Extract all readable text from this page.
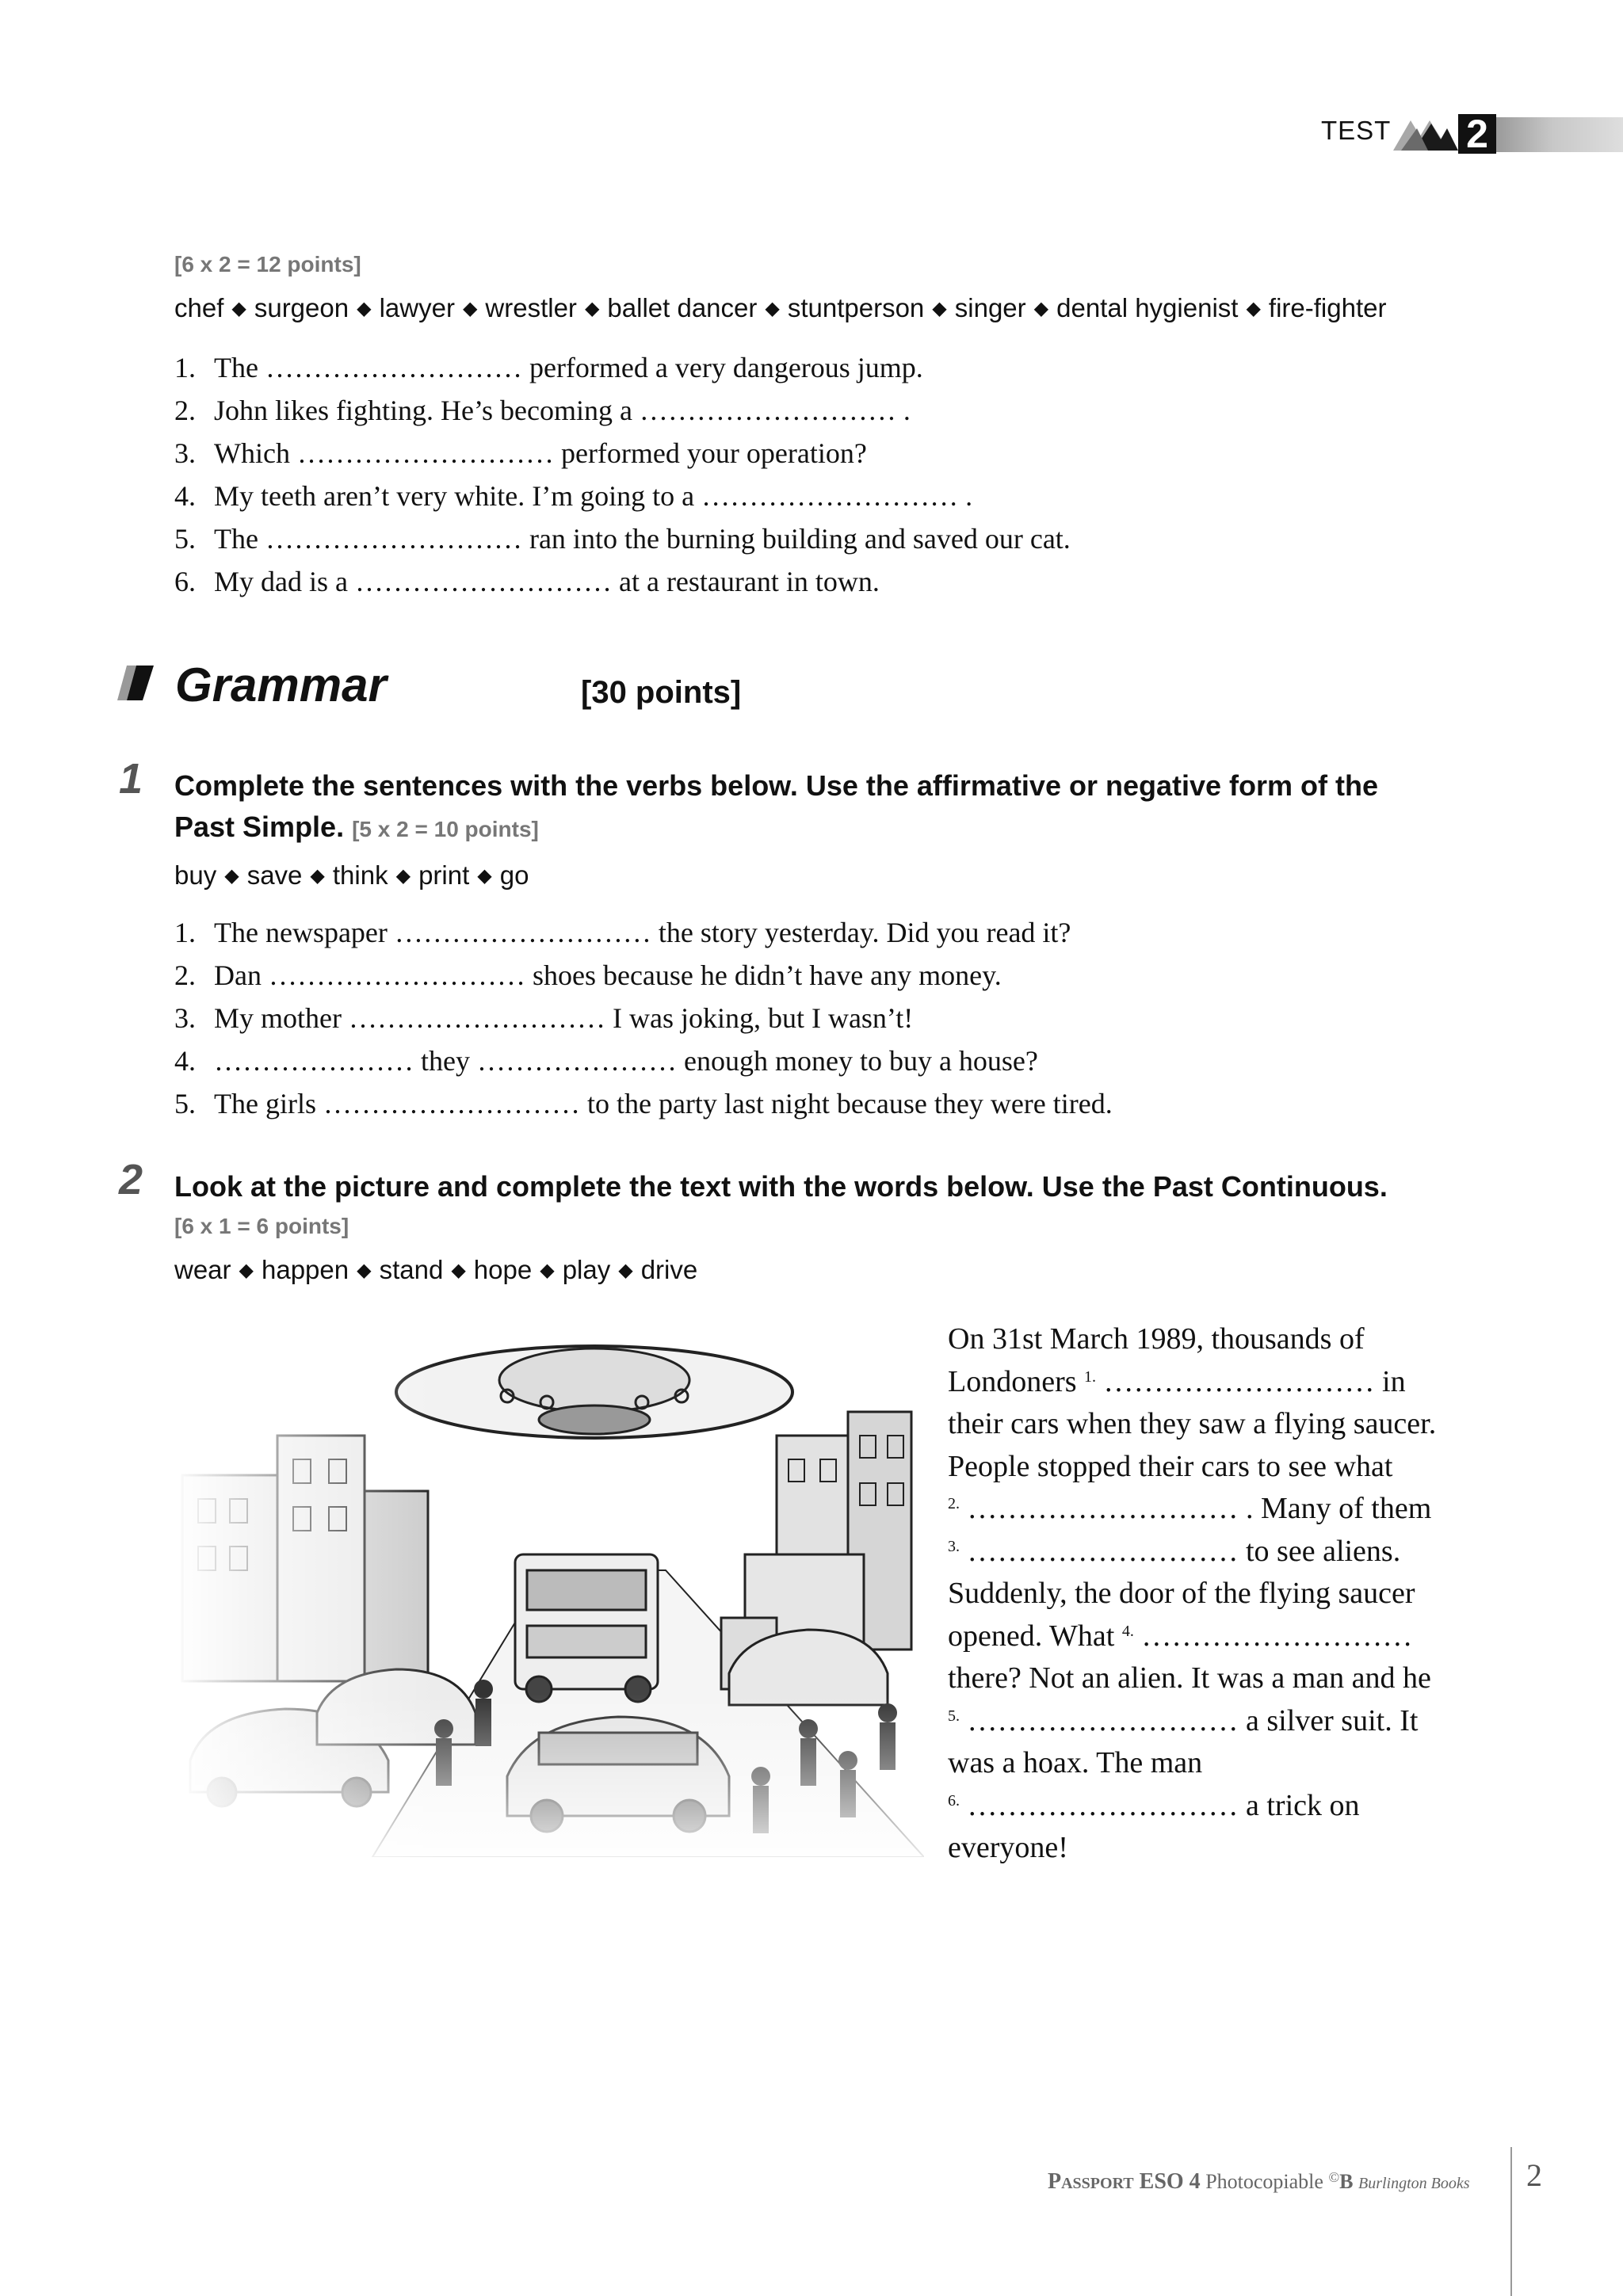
TEST 2
[6 x 2 = 12 points]
chef ◆ surgeon ◆ lawyer ◆ wrestler ◆ ballet dancer ◆ stuntperson ◆ singer ◆ dental hygienist ◆ fire-fighter
1. The ……………………… performed a very dangerous jump.
2. John likes fighting. He’s becoming a ……………………… .
3. Which ……………………… performed your operation?
4. My teeth aren’t very white. I’m going to a ……………………… .
5. The ……………………… ran into the burning building and saved our cat.
6. My dad is a ……………………… at a restaurant in town.
Grammar	[30 points]
1 Complete the sentences with the verbs below. Use the affirmative or negative form of the
Past Simple. [5 x 2 = 10 points]
buy ◆ save ◆ think ◆ print ◆ go
1. The newspaper ……………………… the story yesterday. Did you read it?
2. Dan ……………………… shoes because he didn’t have any money.
3. My mother ……………………… I was joking, but I wasn’t!
4. ………………… they ………………… enough money to buy a house?
5. The girls ……………………… to the party last night because they were tired.
2 Look at the picture and complete the text with the words below. Use the Past Continuous.
[6 x 1 = 6 points]
wear ◆ happen ◆ stand ◆ hope ◆ play ◆ drive
On 31st March 1989, thousands of
Londoners $^{1.}$ ……………………… in
their cars when they saw a flying saucer.
People stopped their cars to see what
$^{2.}$ ……………………… . Many of them
$^{3.}$ ……………………… to see aliens.
Suddenly, the door of the flying saucer
opened. What $^{4.}$ ………………………
there? Not an alien. It was a man and he
$^{5.}$ ……………………… a silver suit. It
was a hoax. The man
$^{6.}$ ……………………… a trick on
everyone!
Passport ESO 4 Photocopiable ©B Burlington Books 2
